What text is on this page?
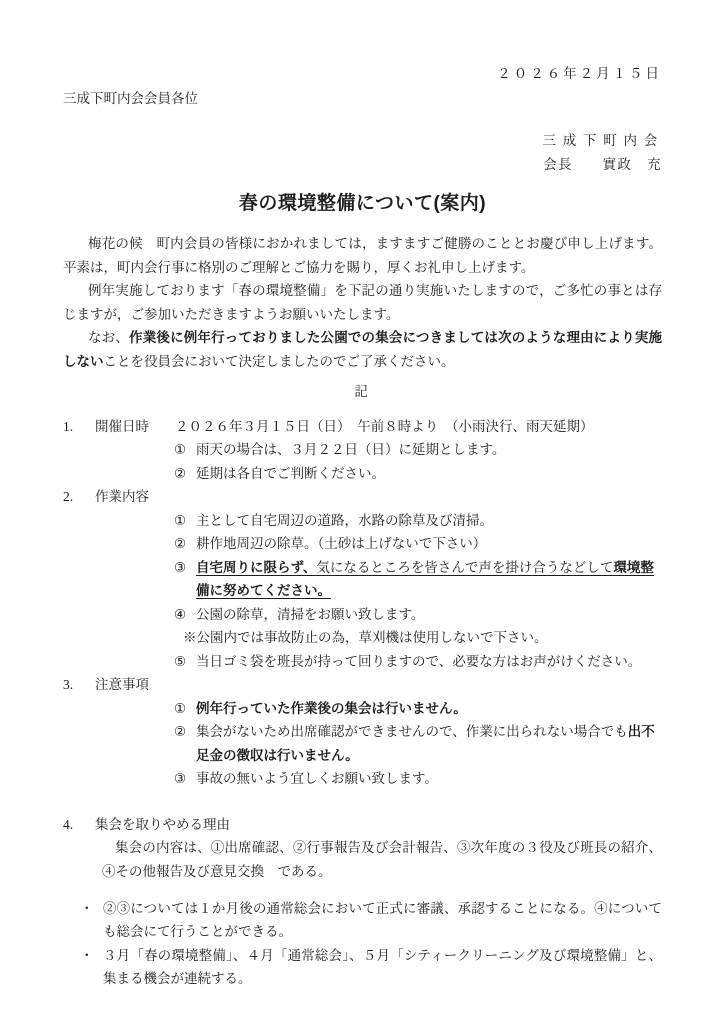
２０２６年２月１５日
三成下町内会会員各位
三成下町内会
会長　　實政　充
春の環境整備について(案内)

梅花の候　町内会員の皆様におかれましては，ますますご健勝のこととお慶び申し上げます。平素は，町内会行事に格別のご理解とご協力を賜り，厚くお礼申し上げます。

例年実施しております「春の環境整備」を下記の通り実施いたしますので，ご多忙の事とは存じますが，ご参加いただきますようお願いいたします。

なお、作業後に例年行っておりました公園での集会につきましては次のような理由により実施しないことを役員会において決定しましたのでご了承ください。

記
1.	開催日時	２０２６年３月１５日（日）　午前８時より　（小雨決行、雨天延期）
① 雨天の場合は、３月２２日（日）に延期とします。
② 延期は各自でご判断ください。
2.	作業内容
① 主として自宅周辺の道路，水路の除草及び清掃。
② 耕作地周辺の除草。（土砂は上げないで下さい）
③ 自宅周りに限らず、気になるところを皆さんで声を掛け合うなどして環境整備に努めてください。
④ 公園の除草，清掃をお願い致します。
※公園内では事故防止の為，草刈機は使用しないで下さい。
⑤ 当日ゴミ袋を班長が持って回りますので、必要な方はお声がけください。
3.	注意事項
① 例年行っていた作業後の集会は行いません。
② 集会がないため出席確認ができませんので、作業に出られない場合でも出不足金の徴収は行いません。
③ 事故の無いよう宜しくお願い致します。
4.	集会を取りやめる理由

集会の内容は、①出席確認、②行事報告及び会計報告、③次年度の３役及び班長の紹介、④その他報告及び意見交換　である。

・ ②③については１か月後の通常総会において正式に審議、承認することになる。④についても総会にて行うことができる。
・ ３月「春の環境整備」、４月「通常総会」、５月「シティークリーニング及び環境整備」と、集まる機会が連続する。
